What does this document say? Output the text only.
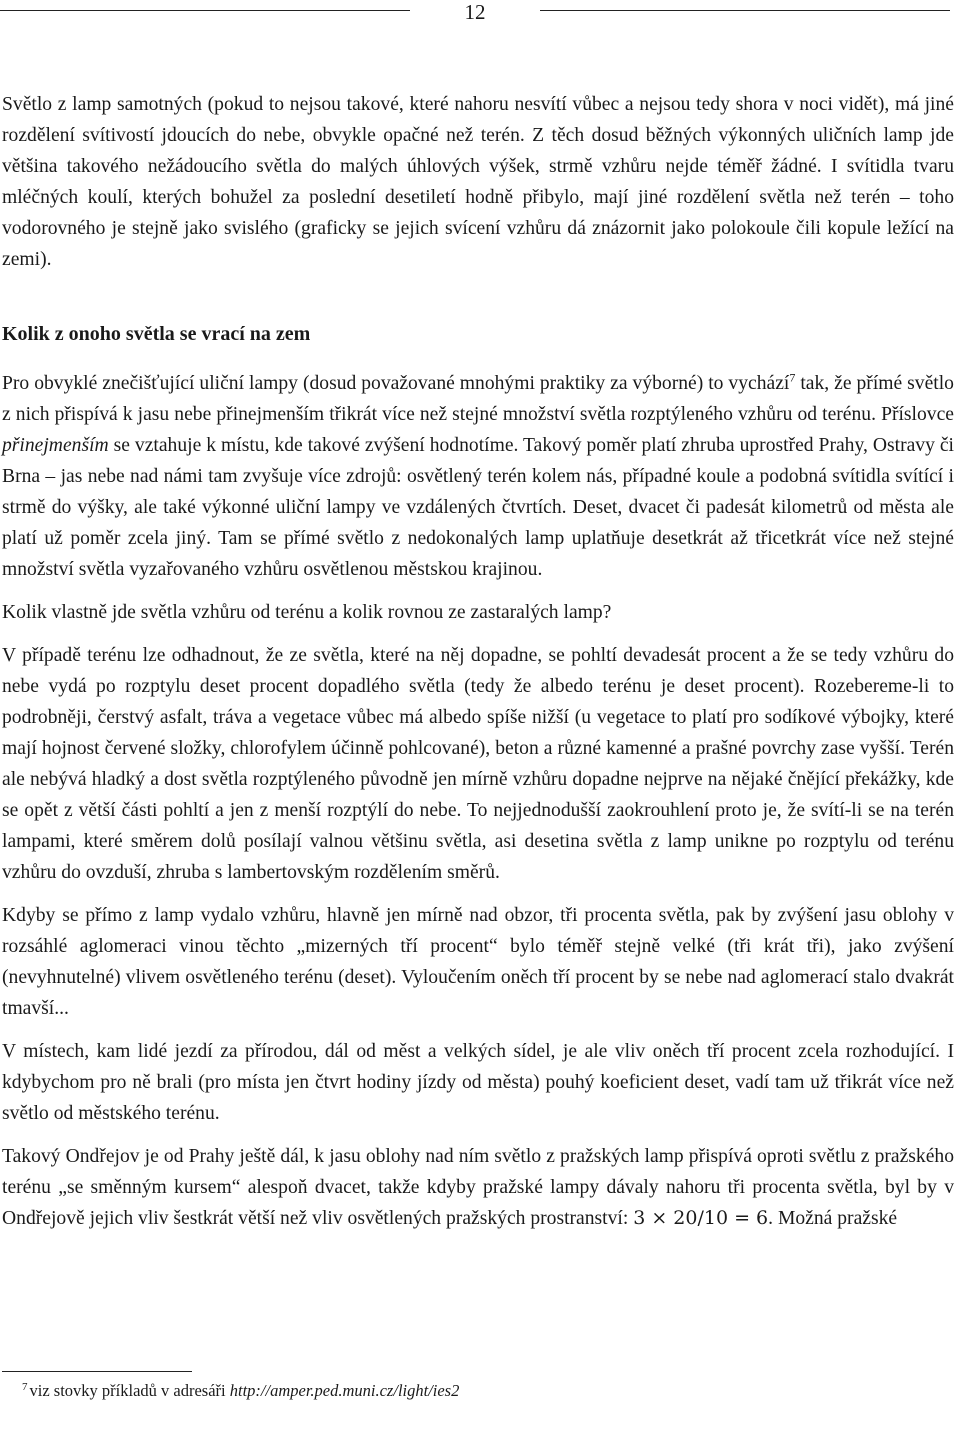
12

Světlo z lamp samotných (pokud to nejsou takové, které nahoru nesvítí vůbec a nejsou tedy shora v noci vidět), má jiné rozdělení svítivostí jdoucích do nebe, obvykle opačné než terén. Z těch dosud běžných výkonných uličních lamp jde většina takového nežádoucího světla do malých úhlových výšek, strmě vzhůru nejde téměř žádné. I svítidla tvaru mléčných koulí, kterých bohužel za poslední desetiletí hodně přibylo, mají jiné rozdělení světla než terén – toho vodorovného je stejně jako svislého (graficky se jejich svícení vzhůru dá znázornit jako polokoule čili kopule ležící na zemi).

Kolik z onoho světla se vrací na zem

Pro obvyklé znečišťující uliční lampy (dosud považované mnohými praktiky za výborné) to vychází$^7$ tak, že přímé světlo z nich přispívá k jasu nebe přinejmenším třikrát více než stejné množství světla rozptýleného vzhůru od terénu. Příslovce přinejmenším se vztahuje k místu, kde takové zvýšení hodnotíme. Takový poměr platí zhruba uprostřed Prahy, Ostravy či Brna – jas nebe nad námi tam zvyšuje více zdrojů: osvětlený terén kolem nás, případné koule a podobná svítidla svítící i strmě do výšky, ale také výkonné uliční lampy ve vzdálených čtvrtích. Deset, dvacet či padesát kilometrů od města ale platí už poměr zcela jiný. Tam se přímé světlo z nedokonalých lamp uplatňuje desetkrát až třicetkrát více než stejné množství světla vyzařovaného vzhůru osvětlenou městskou krajinou.

Kolik vlastně jde světla vzhůru od terénu a kolik rovnou ze zastaralých lamp?

V případě terénu lze odhadnout, že ze světla, které na něj dopadne, se pohltí devadesát procent a že se tedy vzhůru do nebe vydá po rozptylu deset procent dopadlého světla (tedy že albedo terénu je deset procent). Rozebereme-li to podrobněji, čerstvý asfalt, tráva a vegetace vůbec má albedo spíše nižší (u vegetace to platí pro sodíkové výbojky, které mají hojnost červené složky, chlorofylem účinně pohlcované), beton a různé kamenné a prašné povrchy zase vyšší. Terén ale nebývá hladký a dost světla rozptýleného původně jen mírně vzhůru dopadne nejprve na nějaké čnějící překážky, kde se opět z větší části pohltí a jen z menší rozptýlí do nebe. To nejjednodušší zaokrouhlení proto je, že svítí-li se na terén lampami, které směrem dolů posílají valnou většinu světla, asi desetina světla z lamp unikne po rozptylu od terénu vzhůru do ovzduší, zhruba s lambertovským rozdělením směrů.

Kdyby se přímo z lamp vydalo vzhůru, hlavně jen mírně nad obzor, tři procenta světla, pak by zvýšení jasu oblohy v rozsáhlé aglomeraci vinou těchto „mizerných tří procent“ bylo téměř stejně velké (tři krát tři), jako zvýšení (nevyhnutelné) vlivem osvětleného terénu (deset). Vyloučením oněch tří procent by se nebe nad aglomerací stalo dvakrát tmavší...

V místech, kam lidé jezdí za přírodou, dál od měst a velkých sídel, je ale vliv oněch tří procent zcela rozhodující. I kdybychom pro ně brali (pro místa jen čtvrt hodiny jízdy od města) pouhý koeficient deset, vadí tam už třikrát více než světlo od městského terénu.

Takový Ondřejov je od Prahy ještě dál, k jasu oblohy nad ním světlo z pražských lamp přispívá oproti světlu z pražského terénu „se směnným kursem“ alespoň dvacet, takže kdyby pražské lampy dávaly nahoru tři procenta světla, byl by v Ondřejově jejich vliv šestkrát větší než vliv osvětlených pražských prostranství: 3 × 20/10 = 6. Možná pražské

$^7$ viz stovky příkladů v adresáři http://amper.ped.muni.cz/light/ies2
